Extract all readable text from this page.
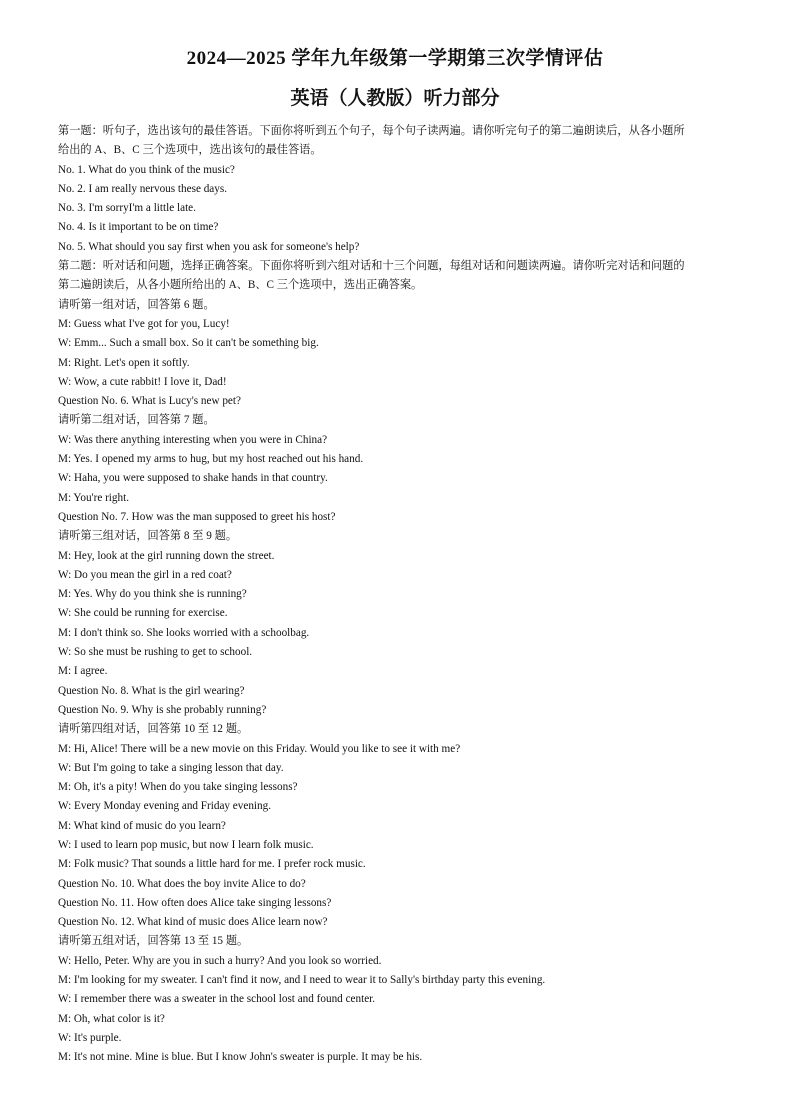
2024—2025 学年九年级第一学期第三次学情评估
英语（人教版）听力部分
第一题：听句子，选出该句的最佳答语。下面你将听到五个句子，每个句子读两遍。请你听完句子的第二遍朗读后，从各小题所
给出的 A、B、C 三个选项中，选出该句的最佳答语。
No. 1. What do you think of the music?
No. 2. I am really nervous these days.
No. 3. I'm sorryI'm a little late.
No. 4. Is it important to be on time?
No. 5. What should you say first when you ask for someone's help?
第二题：听对话和问题，选择正确答案。下面你将听到六组对话和十三个问题，每组对话和问题读两遍。请你听完对话和问题的
第二遍朗读后，从各小题所给出的 A、B、C 三个选项中，选出正确答案。
请听第一组对话，回答第 6 题。
M: Guess what I've got for you, Lucy!
W: Emm... Such a small box. So it can't be something big.
M: Right. Let's open it softly.
W: Wow, a cute rabbit! I love it, Dad!
Question No. 6. What is Lucy's new pet?
请听第二组对话，回答第 7 题。
W: Was there anything interesting when you were in China?
M: Yes. I opened my arms to hug, but my host reached out his hand.
W: Haha, you were supposed to shake hands in that country.
M: You're right.
Question No. 7. How was the man supposed to greet his host?
请听第三组对话，回答第 8 至 9 题。
M: Hey, look at the girl running down the street.
W: Do you mean the girl in a red coat?
M: Yes. Why do you think she is running?
W: She could be running for exercise.
M: I don't think so. She looks worried with a schoolbag.
W: So she must be rushing to get to school.
M: I agree.
Question No. 8. What is the girl wearing?
Question No. 9. Why is she probably running?
请听第四组对话，回答第 10 至 12 题。
M: Hi, Alice! There will be a new movie on this Friday. Would you like to see it with me?
W: But I'm going to take a singing lesson that day.
M: Oh, it's a pity! When do you take singing lessons?
W: Every Monday evening and Friday evening.
M: What kind of music do you learn?
W: I used to learn pop music, but now I learn folk music.
M: Folk music? That sounds a little hard for me. I prefer rock music.
Question No. 10. What does the boy invite Alice to do?
Question No. 11. How often does Alice take singing lessons?
Question No. 12. What kind of music does Alice learn now?
请听第五组对话，回答第 13 至 15 题。
W: Hello, Peter. Why are you in such a hurry? And you look so worried.
M: I'm looking for my sweater. I can't find it now, and I need to wear it to Sally's birthday party this evening.
W: I remember there was a sweater in the school lost and found center.
M: Oh, what color is it?
W: It's purple.
M: It's not mine. Mine is blue. But I know John's sweater is purple. It may be his.
